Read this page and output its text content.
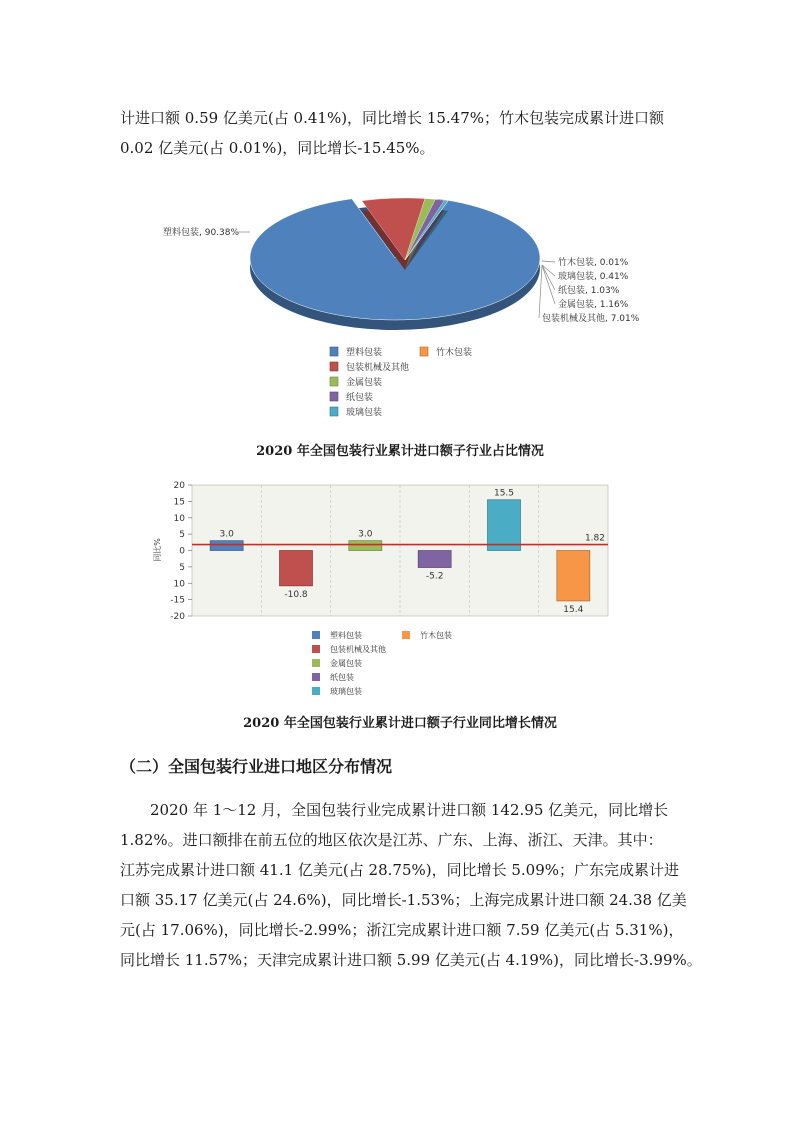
计进口额 0.59 亿美元(占 0.41%)，同比增长 15.47%；竹木包装完成累计进口额
0.02 亿美元(占 0.01%)，同比增长-15.45%。

塑料包装, 90.38%
竹木包装, 0.01%
玻璃包装, 0.41%
纸包装, 1.03%
金属包装, 1.16%
包装机械及其他, 7.01%
塑料包装	竹木包装
包装机械及其他
金属包装
纸包装
玻璃包装
2020 年全国包装行业累计进口额子行业占比情况
20
15
10
5
0
5
10
-15
-20
同比%
3.0
-10.8
3.0
-5.2
15.5
15.4
1.82
塑料包装	竹木包装
包装机械及其他
金属包装
纸包装
玻璃包装
2020 年全国包装行业累计进口额子行业同比增长情况
（二）全国包装行业进口地区分布情况

2020 年 1～12 月，全国包装行业完成累计进口额 142.95 亿美元，同比增长
1.82%。进口额排在前五位的地区依次是江苏、广东、上海、浙江、天津。其中：
江苏完成累计进口额 41.1 亿美元(占 28.75%)，同比增长 5.09%；广东完成累计进
口额 35.17 亿美元(占 24.6%)，同比增长-1.53%；上海完成累计进口额 24.38 亿美
元(占 17.06%)，同比增长-2.99%；浙江完成累计进口额 7.59 亿美元(占 5.31%)，
同比增长 11.57%；天津完成累计进口额 5.99 亿美元(占 4.19%)，同比增长-3.99%。
